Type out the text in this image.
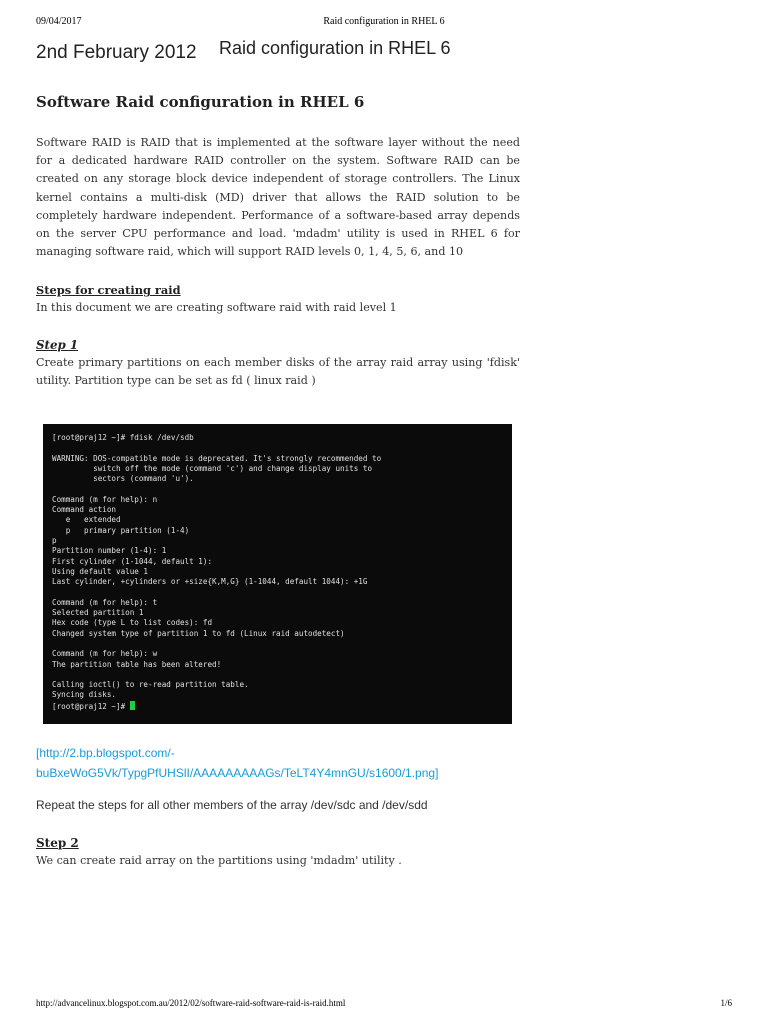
09/04/2017	Raid configuration in RHEL 6
2nd February 2012 Raid configuration in RHEL 6
Software Raid configuration in RHEL 6

Software RAID is RAID that is implemented at the software layer without the need for a dedicated hardware RAID controller on the system. Software RAID can be created on any storage block device independent of storage controllers. The Linux kernel contains a multi-disk (MD) driver that allows the RAID solution to be completely hardware independent. Performance of a software-based array depends on the server CPU performance and load. 'mdadm' utility is used in RHEL 6 for managing software raid, which will support RAID levels 0, 1, 4, 5, 6, and 10

Steps for creating raid

In this document we are creating software raid with raid level 1

Step 1

Create primary partitions on each member disks of the array raid array using 'fdisk' utility. Partition type can be set as fd ( linux raid )

[root@praj12 ~]# fdisk /dev/sdb

WARNING: DOS-compatible mode is deprecated. It's strongly recommended to
switch off the mode (command 'c') and change display units to
sectors (command 'u').

Command (m for help): n
Command action
e   extended
p   primary partition (1-4)
p
Partition number (1-4): 1
First cylinder (1-1044, default 1):
Using default value 1
Last cylinder, +cylinders or +size{K,M,G} (1-1044, default 1044): +1G

Command (m for help): t
Selected partition 1
Hex code (type L to list codes): fd
Changed system type of partition 1 to fd (Linux raid autodetect)

Command (m for help): w
The partition table has been altered!

Calling ioctl() to re-read partition table.
Syncing disks.
[root@praj12 ~]#
[http://2.bp.blogspot.com/-buBxeWoG5Vk/TypgPfUHSlI/AAAAAAAAAGs/TeLT4Y4mnGU/s1600/1.png]
Repeat the steps for all other members of the array /dev/sdc and /dev/sdd
Step 2

We can create raid array on the partitions using 'mdadm' utility .

http://advancelinux.blogspot.com.au/2012/02/software-raid-software-raid-is-raid.html	1/6
